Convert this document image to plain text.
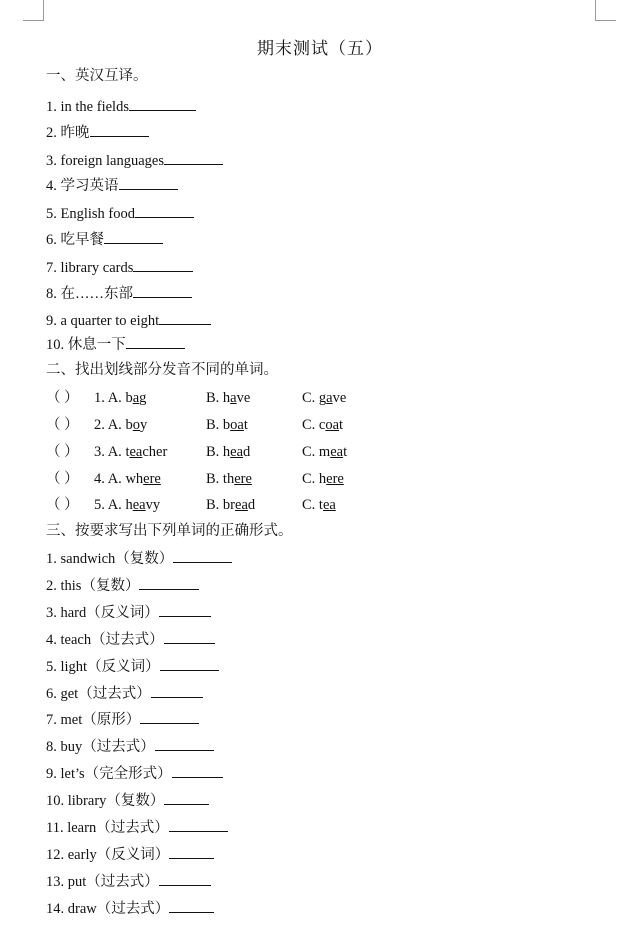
期末测试（五）
一、英汉互译。
1. in the fields
2. 昨晚
3. foreign languages
4. 学习英语
5. English food
6. 吃早餐
7. library cards
8. 在……东部
9. a quarter to eight
10. 休息一下
二、找出划线部分发音不同的单词。
（ ） 1. A. bag	B. have	C. gave
（ ） 2. A. boy	B. boat	C. coat
（ ） 3. A. teacher	B. head	C. meat
（ ） 4. A. where	B. there	C. here
（ ） 5. A. heavy	B. bread	C. tea
三、按要求写出下列单词的正确形式。
1. sandwich（复数）
2. this（复数）
3. hard（反义词）
4. teach（过去式）
5. light（反义词）
6. get（过去式）
7. met（原形）
8. buy（过去式）
9. let’s（完全形式）
10. library（复数）
11. learn（过去式）
12. early（反义词）
13. put（过去式）
14. draw（过去式）
